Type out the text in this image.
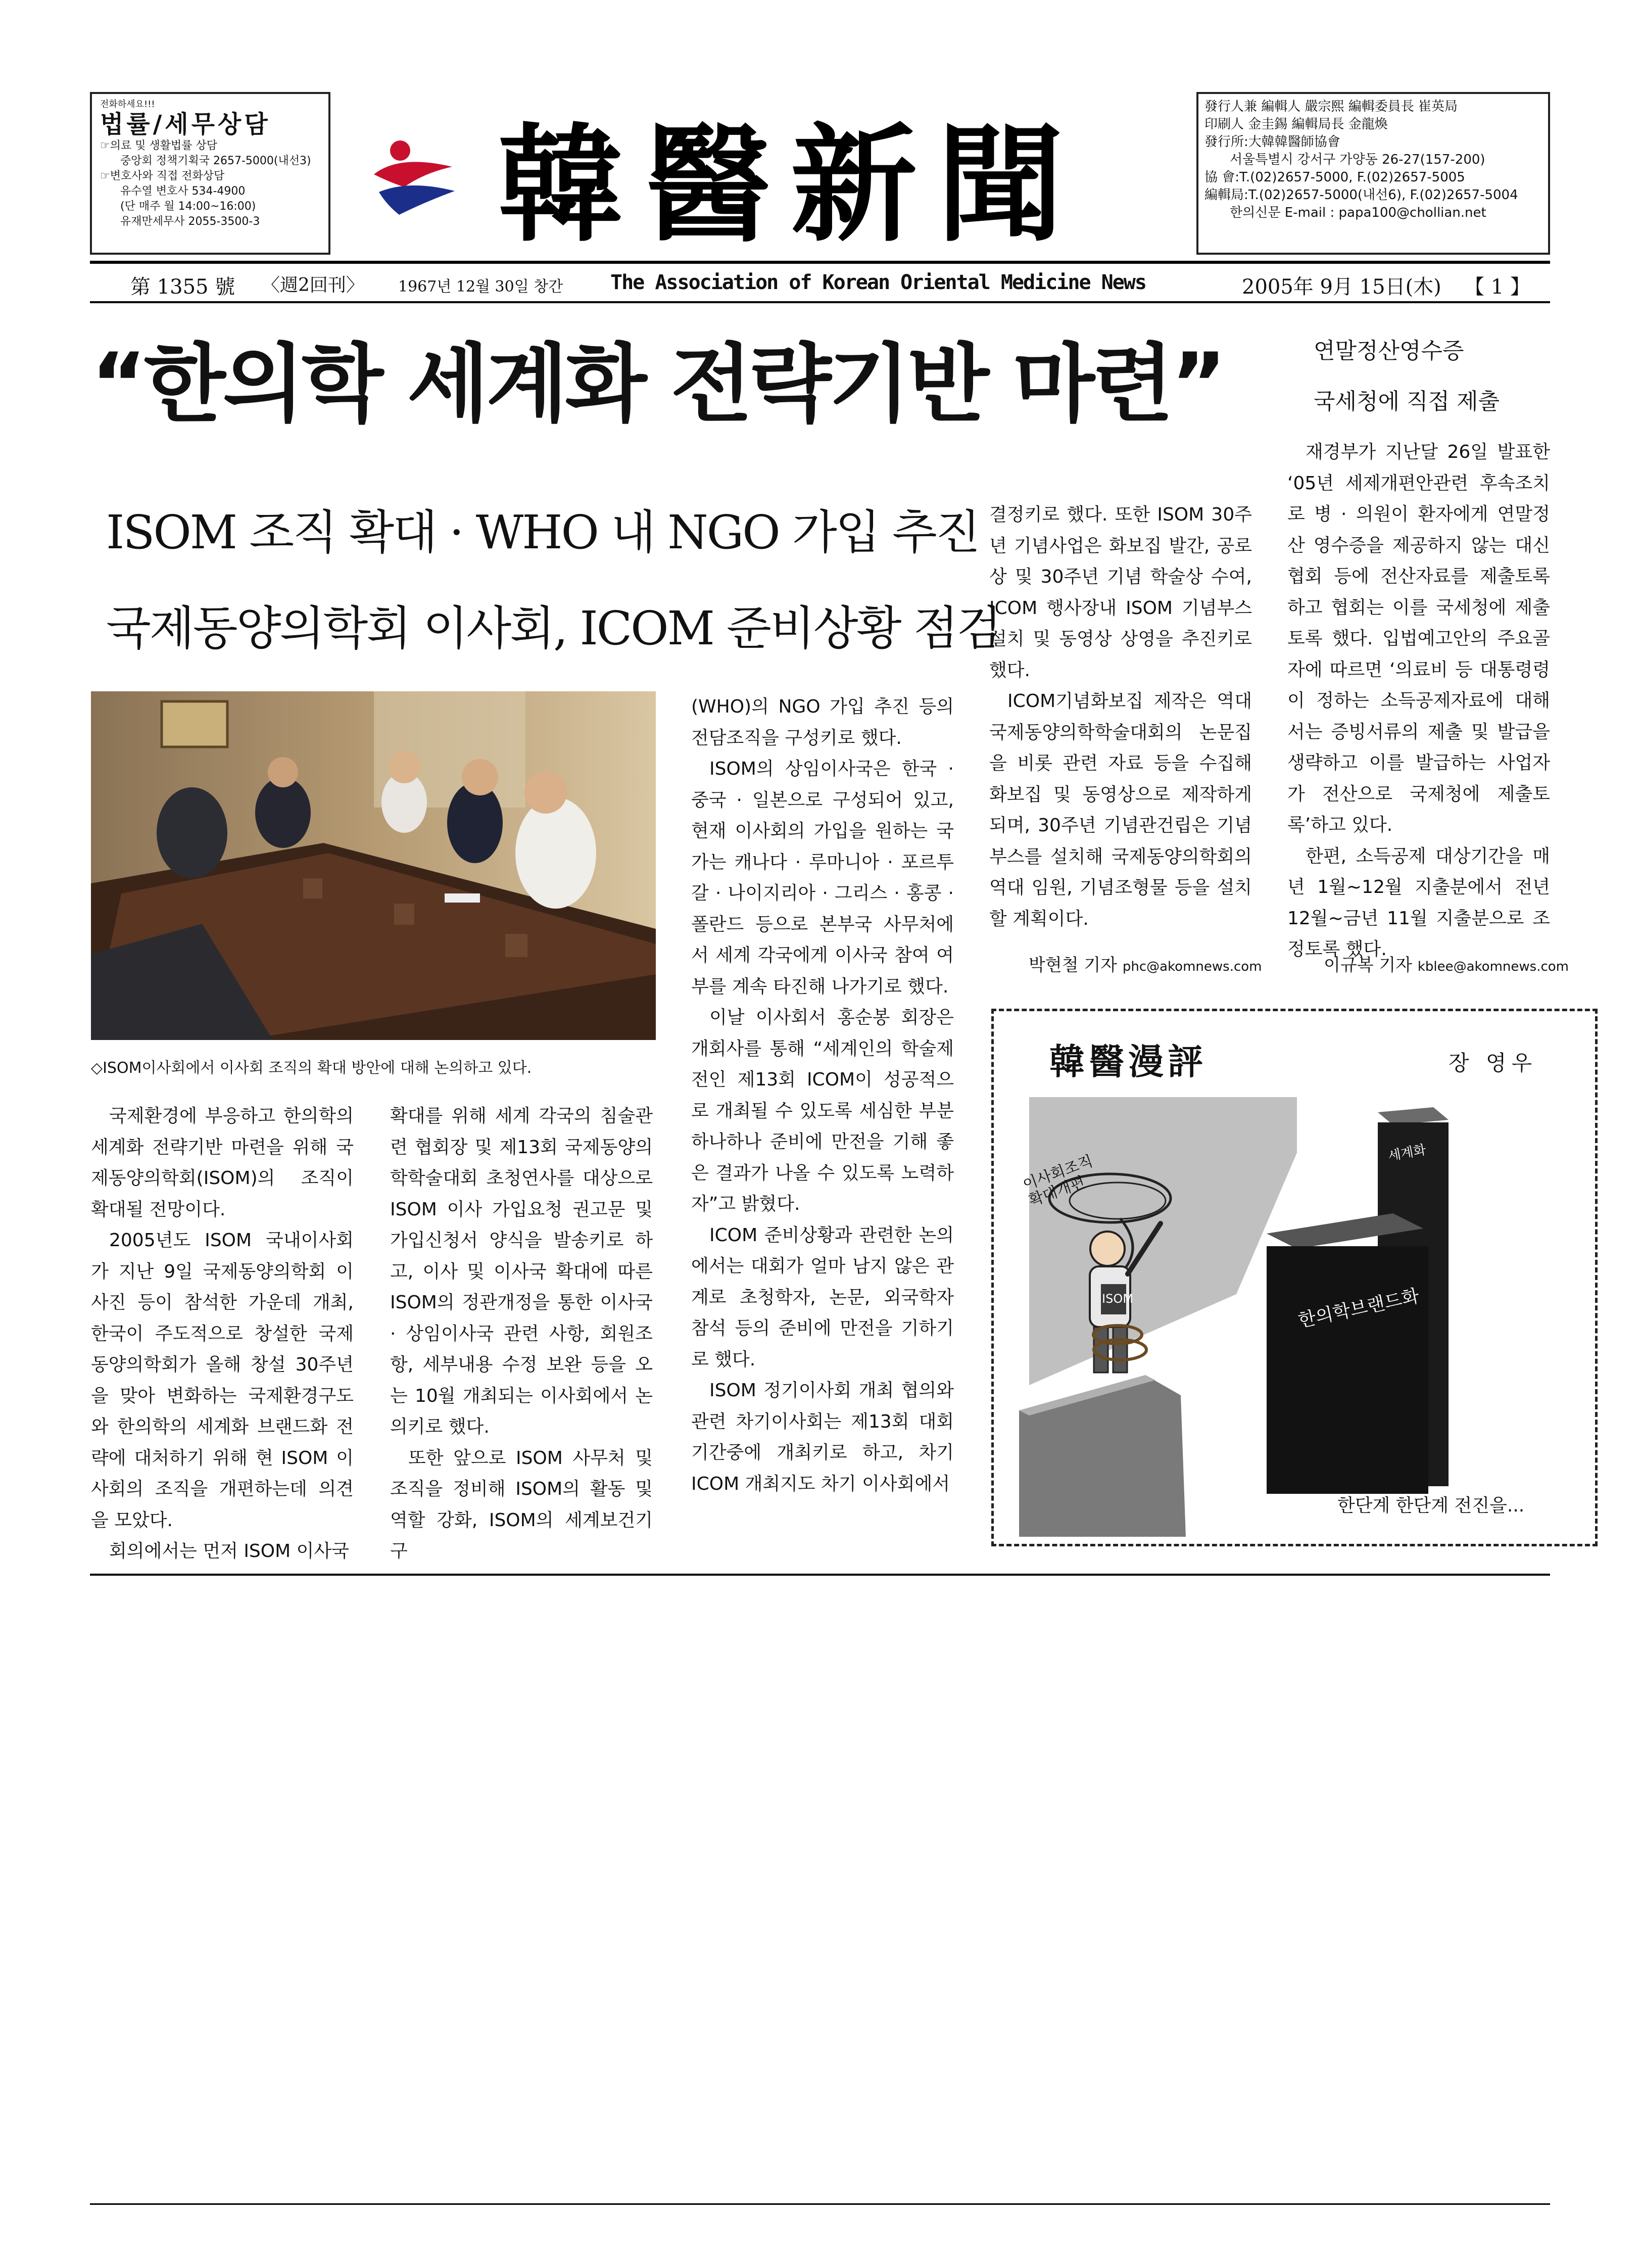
전화하세요!!!
법률/세무상담
☞의료 및 생활법률 상담
중앙회 정책기획국 2657-5000(내선3)
☞변호사와 직접 전화상담
유수열 변호사 534-4900
(단 매주 월 14:00~16:00)
유재만세무사 2055-3500-3	韓醫新聞
發行人兼 編輯人 嚴宗熙 編輯委員長 崔英局
印刷人 金圭錫 編輯局長 金龍煥
發行所:大韓韓醫師協會
서울특별시 강서구 가양동 26-27(157-200)
協 會:T.(02)2657-5000, F.(02)2657-5005
編輯局:T.(02)2657-5000(내선6), F.(02)2657-5004
한의신문 E-mail : papa100@chollian.net
第 1355 號 〈週2回刊〉 1967년 12월 30일 창간 The Association of Korean Oriental Medicine News	2005年 9月 15日(木) 【 1 】
“한의학 세계화 전략기반 마련”
ISOM 조직 확대 · WHO 내 NGO 가입 추진
국제동양의학회 이사회, ICOM 준비상황 점검
◇ISOM이사회에서 이사회 조직의 확대 방안에 대해 논의하고 있다.

국제환경에 부응하고 한의학의 세계화 전략기반 마련을 위해 국제동양의학회(ISOM)의 조직이 확대될 전망이다.

2005년도 ISOM 국내이사회가 지난 9일 국제동양의학회 이사진 등이 참석한 가운데 개최, 한국이 주도적으로 창설한 국제동양의학회가 올해 창설 30주년을 맞아 변화하는 국제환경구도와 한의학의 세계화 브랜드화 전략에 대처하기 위해 현 ISOM 이사회의 조직을 개편하는데 의견을 모았다.

회의에서는 먼저 ISOM 이사국

확대를 위해 세계 각국의 침술관련 협회장 및 제13회 국제동양의학학술대회 초청연사를 대상으로 ISOM 이사 가입요청 권고문 및 가입신청서 양식을 발송키로 하고, 이사 및 이사국 확대에 따른 ISOM의 정관개정을 통한 이사국 · 상임이사국 관련 사항, 회원조항, 세부내용 수정 보완 등을 오는 10월 개최되는 이사회에서 논의키로 했다.

또한 앞으로 ISOM 사무처 및 조직을 정비해 ISOM의 활동 및 역할 강화, ISOM의 세계보건기구

(WHO)의 NGO 가입 추진 등의 전담조직을 구성키로 했다.

ISOM의 상임이사국은 한국 · 중국 · 일본으로 구성되어 있고, 현재 이사회의 가입을 원하는 국가는 캐나다 · 루마니아 · 포르투갈 · 나이지리아 · 그리스 · 홍콩 · 폴란드 등으로 본부국 사무처에서 세계 각국에게 이사국 참여 여부를 계속 타진해 나가기로 했다.

이날 이사회서 홍순봉 회장은 개회사를 통해 “세계인의 학술제전인 제13회 ICOM이 성공적으로 개최될 수 있도록 세심한 부분 하나하나 준비에 만전을 기해 좋은 결과가 나올 수 있도록 노력하자”고 밝혔다.

ICOM 준비상황과 관련한 논의에서는 대회가 얼마 남지 않은 관계로 초청학자, 논문, 외국학자 참석 등의 준비에 만전을 기하기로 했다.

ISOM 정기이사회 개최 협의와 관련 차기이사회는 제13회 대회 기간중에 개최키로 하고, 차기 ICOM 개최지도 차기 이사회에서

결정키로 했다. 또한 ISOM 30주년 기념사업은 화보집 발간, 공로상 및 30주년 기념 학술상 수여, ICOM 행사장내 ISOM 기념부스 설치 및 동영상 상영을 추진키로 했다.

ICOM기념화보집 제작은 역대 국제동양의학학술대회의 논문집을 비롯 관련 자료 등을 수집해 화보집 및 동영상으로 제작하게 되며, 30주년 기념관건립은 기념부스를 설치해 국제동양의학회의 역대 임원, 기념조형물 등을 설치할 계획이다.

박현철 기자 phc@akomnews.com
연말정산영수증
국세청에 직접 제출

재경부가 지난달 26일 발표한 ‘05년 세제개편안관련 후속조치로 병 · 의원이 환자에게 연말정산 영수증을 제공하지 않는 대신 협회 등에 전산자료를 제출토록 하고 협회는 이를 국세청에 제출토록 했다. 입법예고안의 주요골자에 따르면 ‘의료비 등 대통령령이 정하는 소득공제자료에 대해서는 증빙서류의 제출 및 발급을 생략하고 이를 발급하는 사업자가 전산으로 국제청에 제출토록’하고 있다.

한편, 소득공제 대상기간을 매년 1월~12월 지출분에서 전년 12월~금년 11월 지출분으로 조정토록 했다.

이규복 기자 kblee@akomnews.com
韓醫漫評	장 영우
이사회조직 확대개편
세계화
한의학브랜드화
ISOM
한단계 한단계 전진을...
